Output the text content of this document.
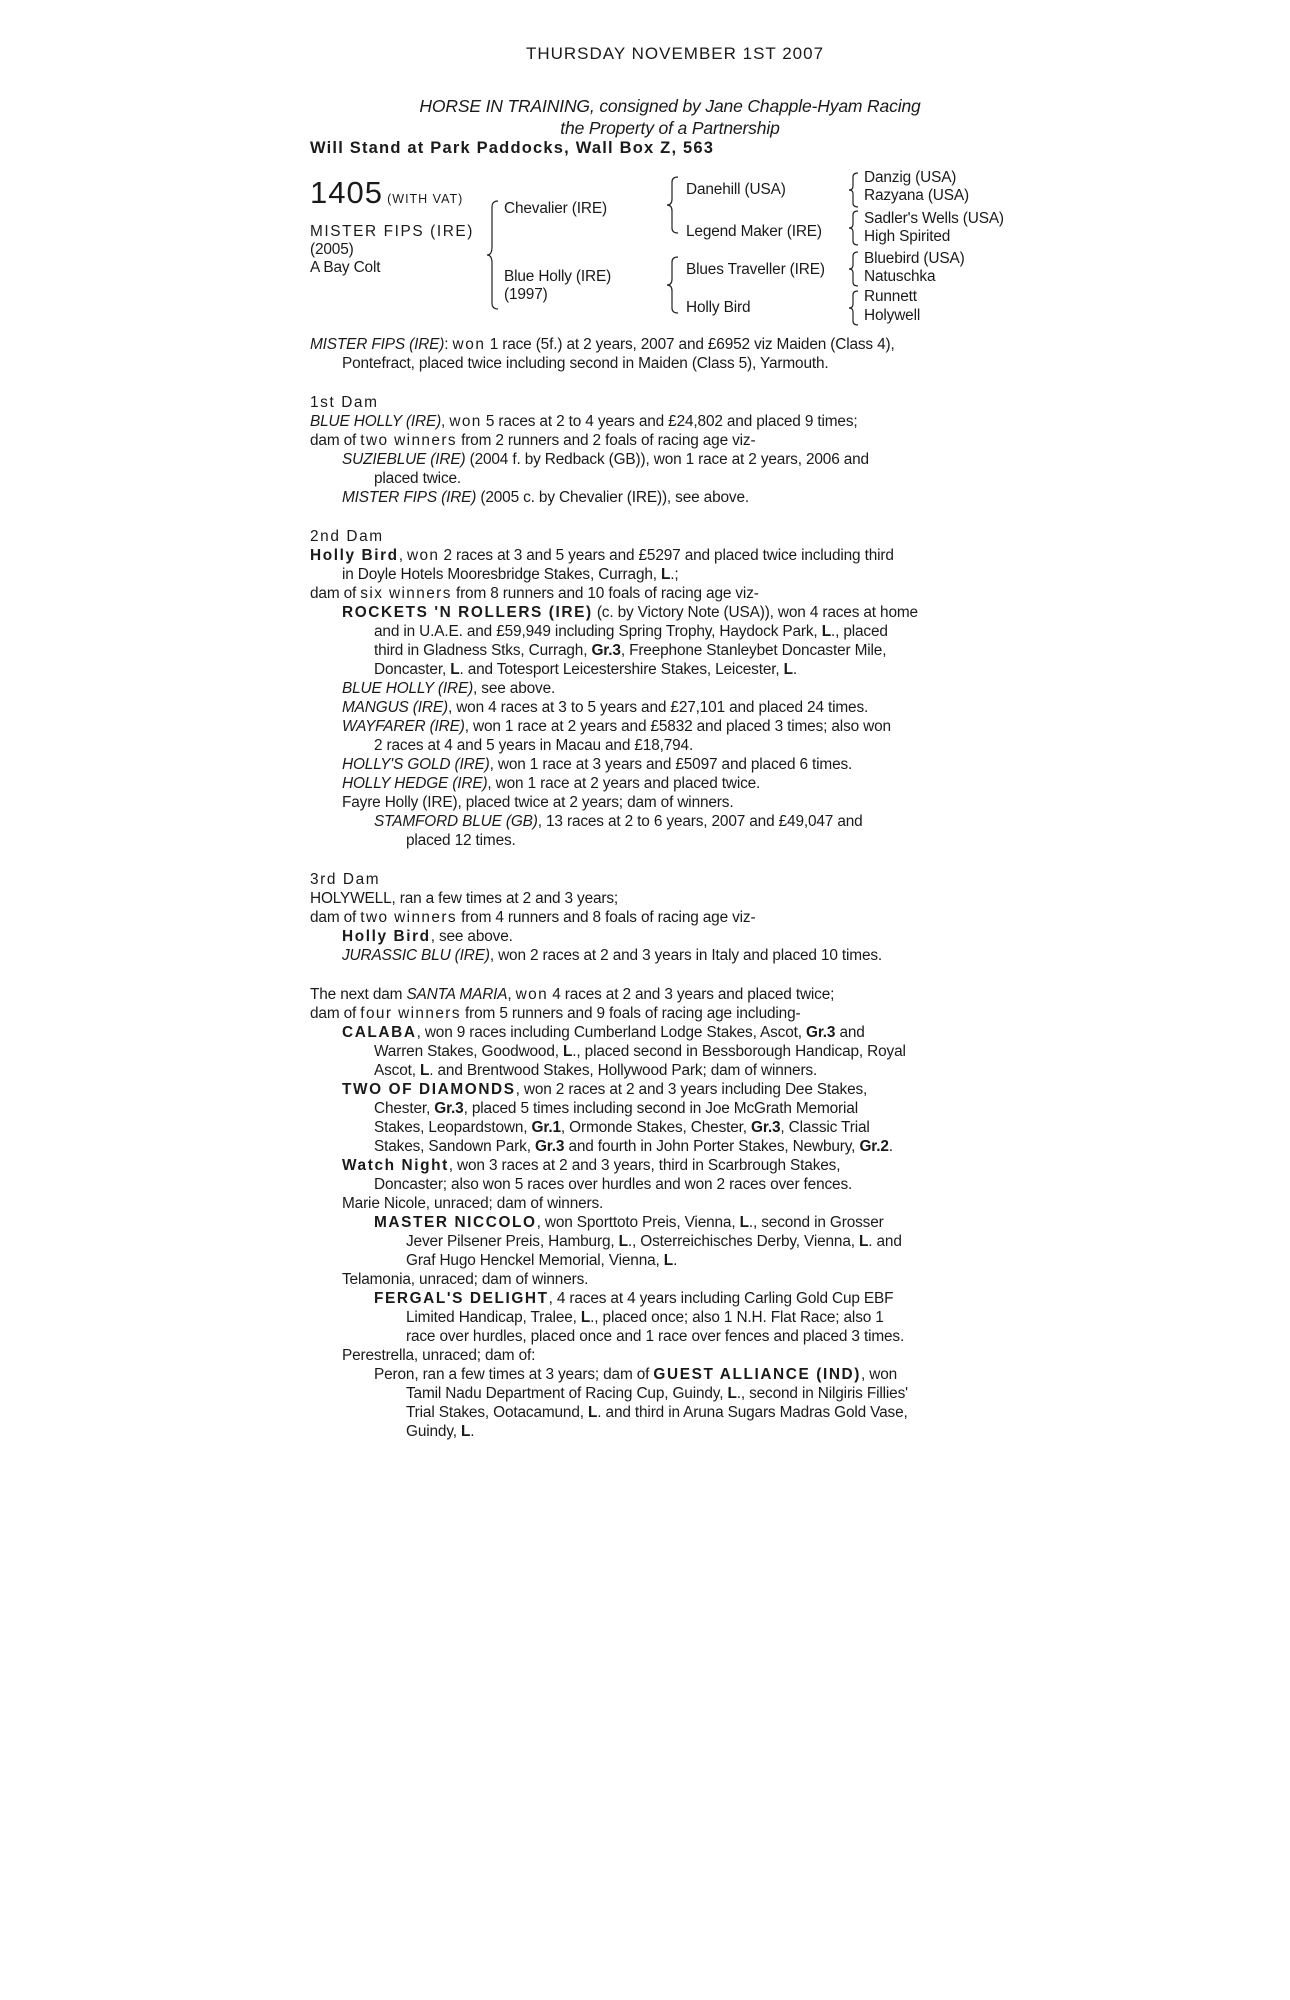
THURSDAY NOVEMBER 1ST 2007
HORSE IN TRAINING, consigned by Jane Chapple-Hyam Racing
the Property of a Partnership
Will Stand at Park Paddocks, Wall Box Z, 563
1405 (WITH VAT)
MISTER FIPS (IRE)
(2005)
A Bay Colt
Chevalier (IRE)
Blue Holly (IRE)
(1997)
Danehill (USA)
Legend Maker (IRE)
Blues Traveller (IRE)
Holly Bird
Danzig (USA)
Razyana (USA)
Sadler's Wells (USA)
High Spirited
Bluebird (USA)
Natuschka
Runnett
Holywell

MISTER FIPS (IRE): won 1 race (5f.) at 2 years, 2007 and £6952 viz Maiden (Class 4),

Pontefract, placed twice including second in Maiden (Class 5), Yarmouth.

1st Dam

BLUE HOLLY (IRE), won 5 races at 2 to 4 years and £24,802 and placed 9 times;

dam of two winners from 2 runners and 2 foals of racing age viz-

SUZIEBLUE (IRE) (2004 f. by Redback (GB)), won 1 race at 2 years, 2006 and

placed twice.

MISTER FIPS (IRE) (2005 c. by Chevalier (IRE)), see above.

2nd Dam

Holly Bird, won 2 races at 3 and 5 years and £5297 and placed twice including third

in Doyle Hotels Mooresbridge Stakes, Curragh, L.;

dam of six winners from 8 runners and 10 foals of racing age viz-

ROCKETS 'N ROLLERS (IRE) (c. by Victory Note (USA)), won 4 races at home

and in U.A.E. and £59,949 including Spring Trophy, Haydock Park, L., placed

third in Gladness Stks, Curragh, Gr.3, Freephone Stanleybet Doncaster Mile,

Doncaster, L. and Totesport Leicestershire Stakes, Leicester, L.

BLUE HOLLY (IRE), see above.

MANGUS (IRE), won 4 races at 3 to 5 years and £27,101 and placed 24 times.

WAYFARER (IRE), won 1 race at 2 years and £5832 and placed 3 times; also won

2 races at 4 and 5 years in Macau and £18,794.

HOLLY'S GOLD (IRE), won 1 race at 3 years and £5097 and placed 6 times.

HOLLY HEDGE (IRE), won 1 race at 2 years and placed twice.

Fayre Holly (IRE), placed twice at 2 years; dam of winners.

STAMFORD BLUE (GB), 13 races at 2 to 6 years, 2007 and £49,047 and

placed 12 times.

3rd Dam

HOLYWELL, ran a few times at 2 and 3 years;

dam of two winners from 4 runners and 8 foals of racing age viz-

Holly Bird, see above.

JURASSIC BLU (IRE), won 2 races at 2 and 3 years in Italy and placed 10 times.

The next dam SANTA MARIA, won 4 races at 2 and 3 years and placed twice;

dam of four winners from 5 runners and 9 foals of racing age including-

CALABA, won 9 races including Cumberland Lodge Stakes, Ascot, Gr.3 and

Warren Stakes, Goodwood, L., placed second in Bessborough Handicap, Royal

Ascot, L. and Brentwood Stakes, Hollywood Park; dam of winners.

TWO OF DIAMONDS, won 2 races at 2 and 3 years including Dee Stakes,

Chester, Gr.3, placed 5 times including second in Joe McGrath Memorial

Stakes, Leopardstown, Gr.1, Ormonde Stakes, Chester, Gr.3, Classic Trial

Stakes, Sandown Park, Gr.3 and fourth in John Porter Stakes, Newbury, Gr.2.

Watch Night, won 3 races at 2 and 3 years, third in Scarbrough Stakes,

Doncaster; also won 5 races over hurdles and won 2 races over fences.

Marie Nicole, unraced; dam of winners.

MASTER NICCOLO, won Sporttoto Preis, Vienna, L., second in Grosser

Jever Pilsener Preis, Hamburg, L., Osterreichisches Derby, Vienna, L. and

Graf Hugo Henckel Memorial, Vienna, L.

Telamonia, unraced; dam of winners.

FERGAL'S DELIGHT, 4 races at 4 years including Carling Gold Cup EBF

Limited Handicap, Tralee, L., placed once; also 1 N.H. Flat Race; also 1

race over hurdles, placed once and 1 race over fences and placed 3 times.

Perestrella, unraced; dam of:

Peron, ran a few times at 3 years; dam of GUEST ALLIANCE (IND), won

Tamil Nadu Department of Racing Cup, Guindy, L., second in Nilgiris Fillies'

Trial Stakes, Ootacamund, L. and third in Aruna Sugars Madras Gold Vase,

Guindy, L.
